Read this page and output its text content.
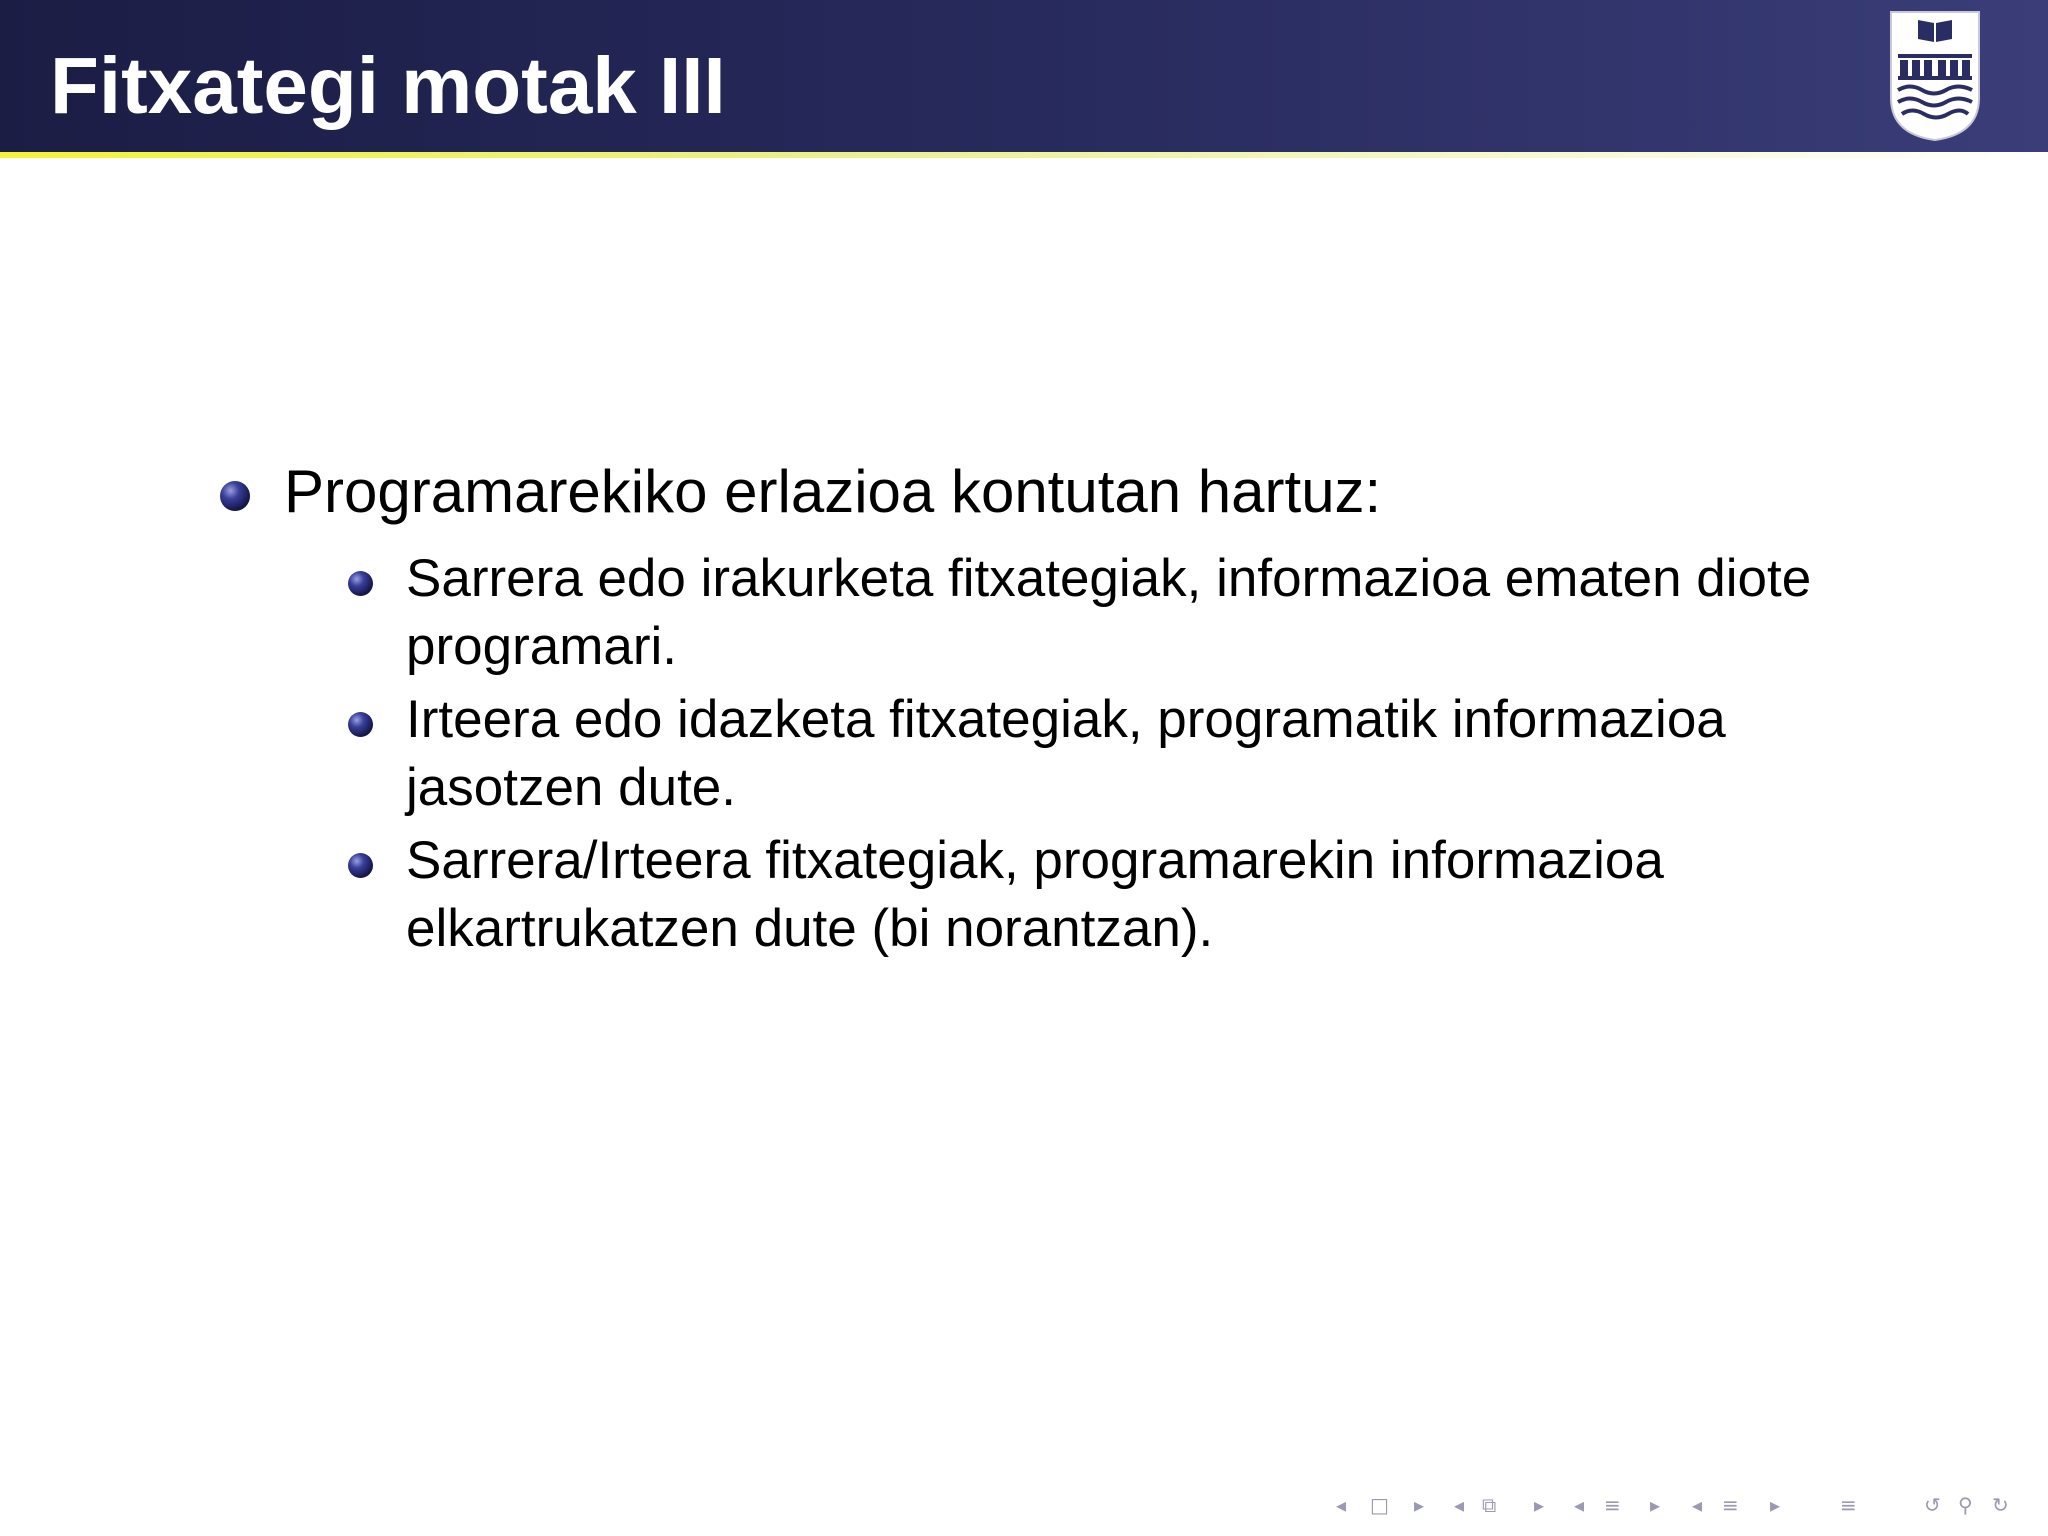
Fitxategi motak III

Programarekiko erlazioa kontutan hartuz:

Sarrera edo irakurketa fitxategiak, informazioa ematen diote programari.

Irteera edo idazketa fitxategiak, programatik informazioa jasotzen dute.

Sarrera/Irteera fitxategiak, programarekin informazioa elkartrukatzen dute (bi norantzan).

◂ □ ▸ ◂ ⧉ ▸ ◂ ≡ ▸ ◂ ≡ ▸	≡	↺ ⚲ ↻
